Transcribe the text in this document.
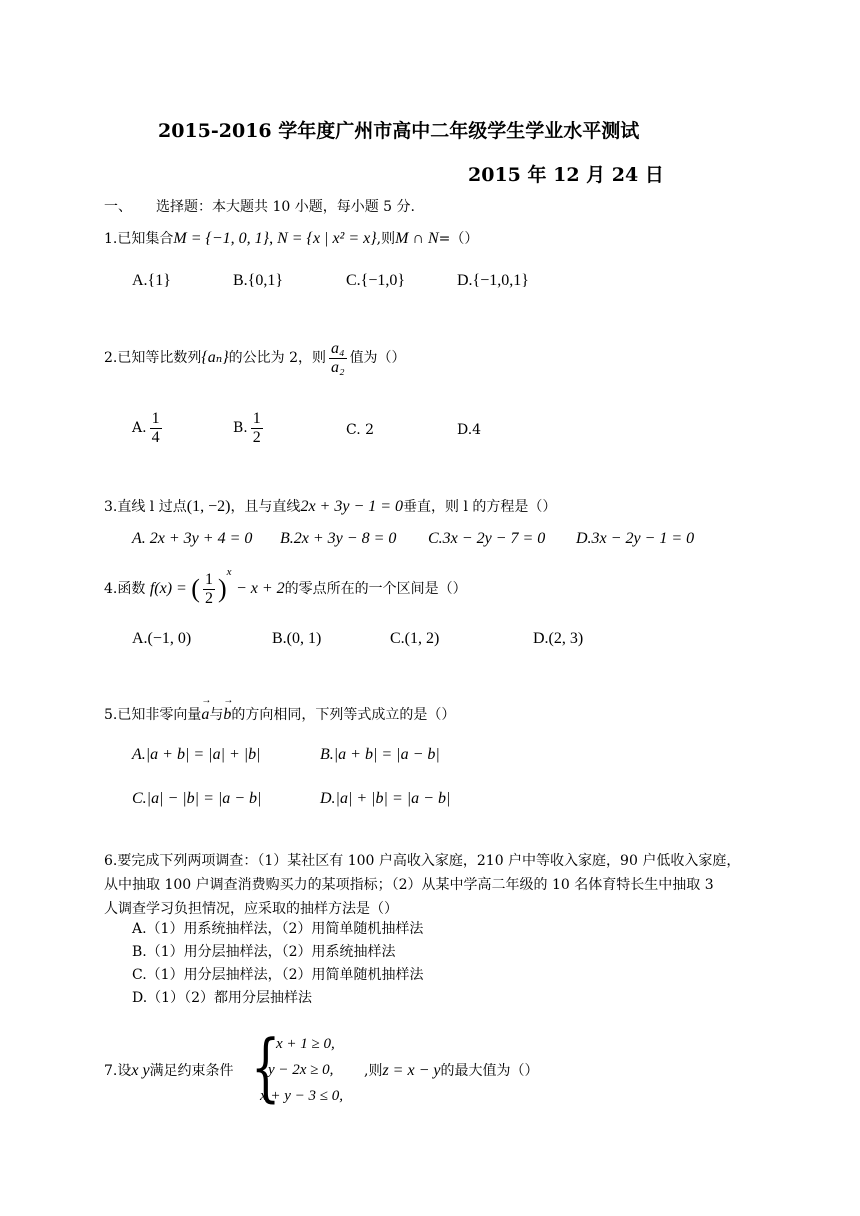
2015-2016 学年度广州市高中二年级学生学业水平测试
2015 年 12 月 24 日
一、 选择题：本大题共 10 小题，每小题 5 分.
1.已知集合M = {−1, 0, 1}, N = {x | x² = x},则M ∩ N=（）
A.{1}	B.{0,1}	C.{−1,0}	D.{−1,0,1}
2.已知等比数列{aₙ}的公比为 2，则 $\frac{\text{a₄}}{\text{a₂}}$ 值为（）
A. $\frac{1}{4}$	B. $\frac{1}{2}$	C. 2	D.4
3.直线 l 过点(1, −2)，且与直线2x + 3y − 1 = 0垂直，则 l 的方程是（）
A. 2x + 3y + 4 = 0 B.2x + 3y − 8 = 0 C.3x − 2y − 7 = 0 D.3x − 2y − 1 = 0
4.函数 f(x) = ( $\frac{1}{2} )^x - x + 2$的零点所在的一个区间是（）
A.(−1, 0)	B.(0, 1)	C.(1, 2)	D.(2, 3)
5.已知非零向量→ a与→ b的方向相同，下列等式成立的是（）
A.|a + b| = |a| + |b|	B.|a + b| = |a − b|
C.|a| − |b| = |a − b|	D.|a| + |b| = |a − b|
6.要完成下列两项调查：（1）某社区有 100 户高收入家庭，210 户中等收入家庭，90 户低收入家庭，
从中抽取 100 户调查消费购买力的某项指标；（2）从某中学高二年级的 10 名体育特长生中抽取 3
人调查学习负担情况，应采取的抽样方法是（）
A.（1）用系统抽样法，（2）用简单随机抽样法
B.（1）用分层抽样法，（2）用系统抽样法
C.（1）用分层抽样法，（2）用简单随机抽样法
D.（1）（2）都用分层抽样法
7.设x y满足约束条件 {
x + 1 ≥ 0,
y − 2x ≥ 0,
x + y − 3 ≤ 0,
,则z = x − y的最大值为（）
